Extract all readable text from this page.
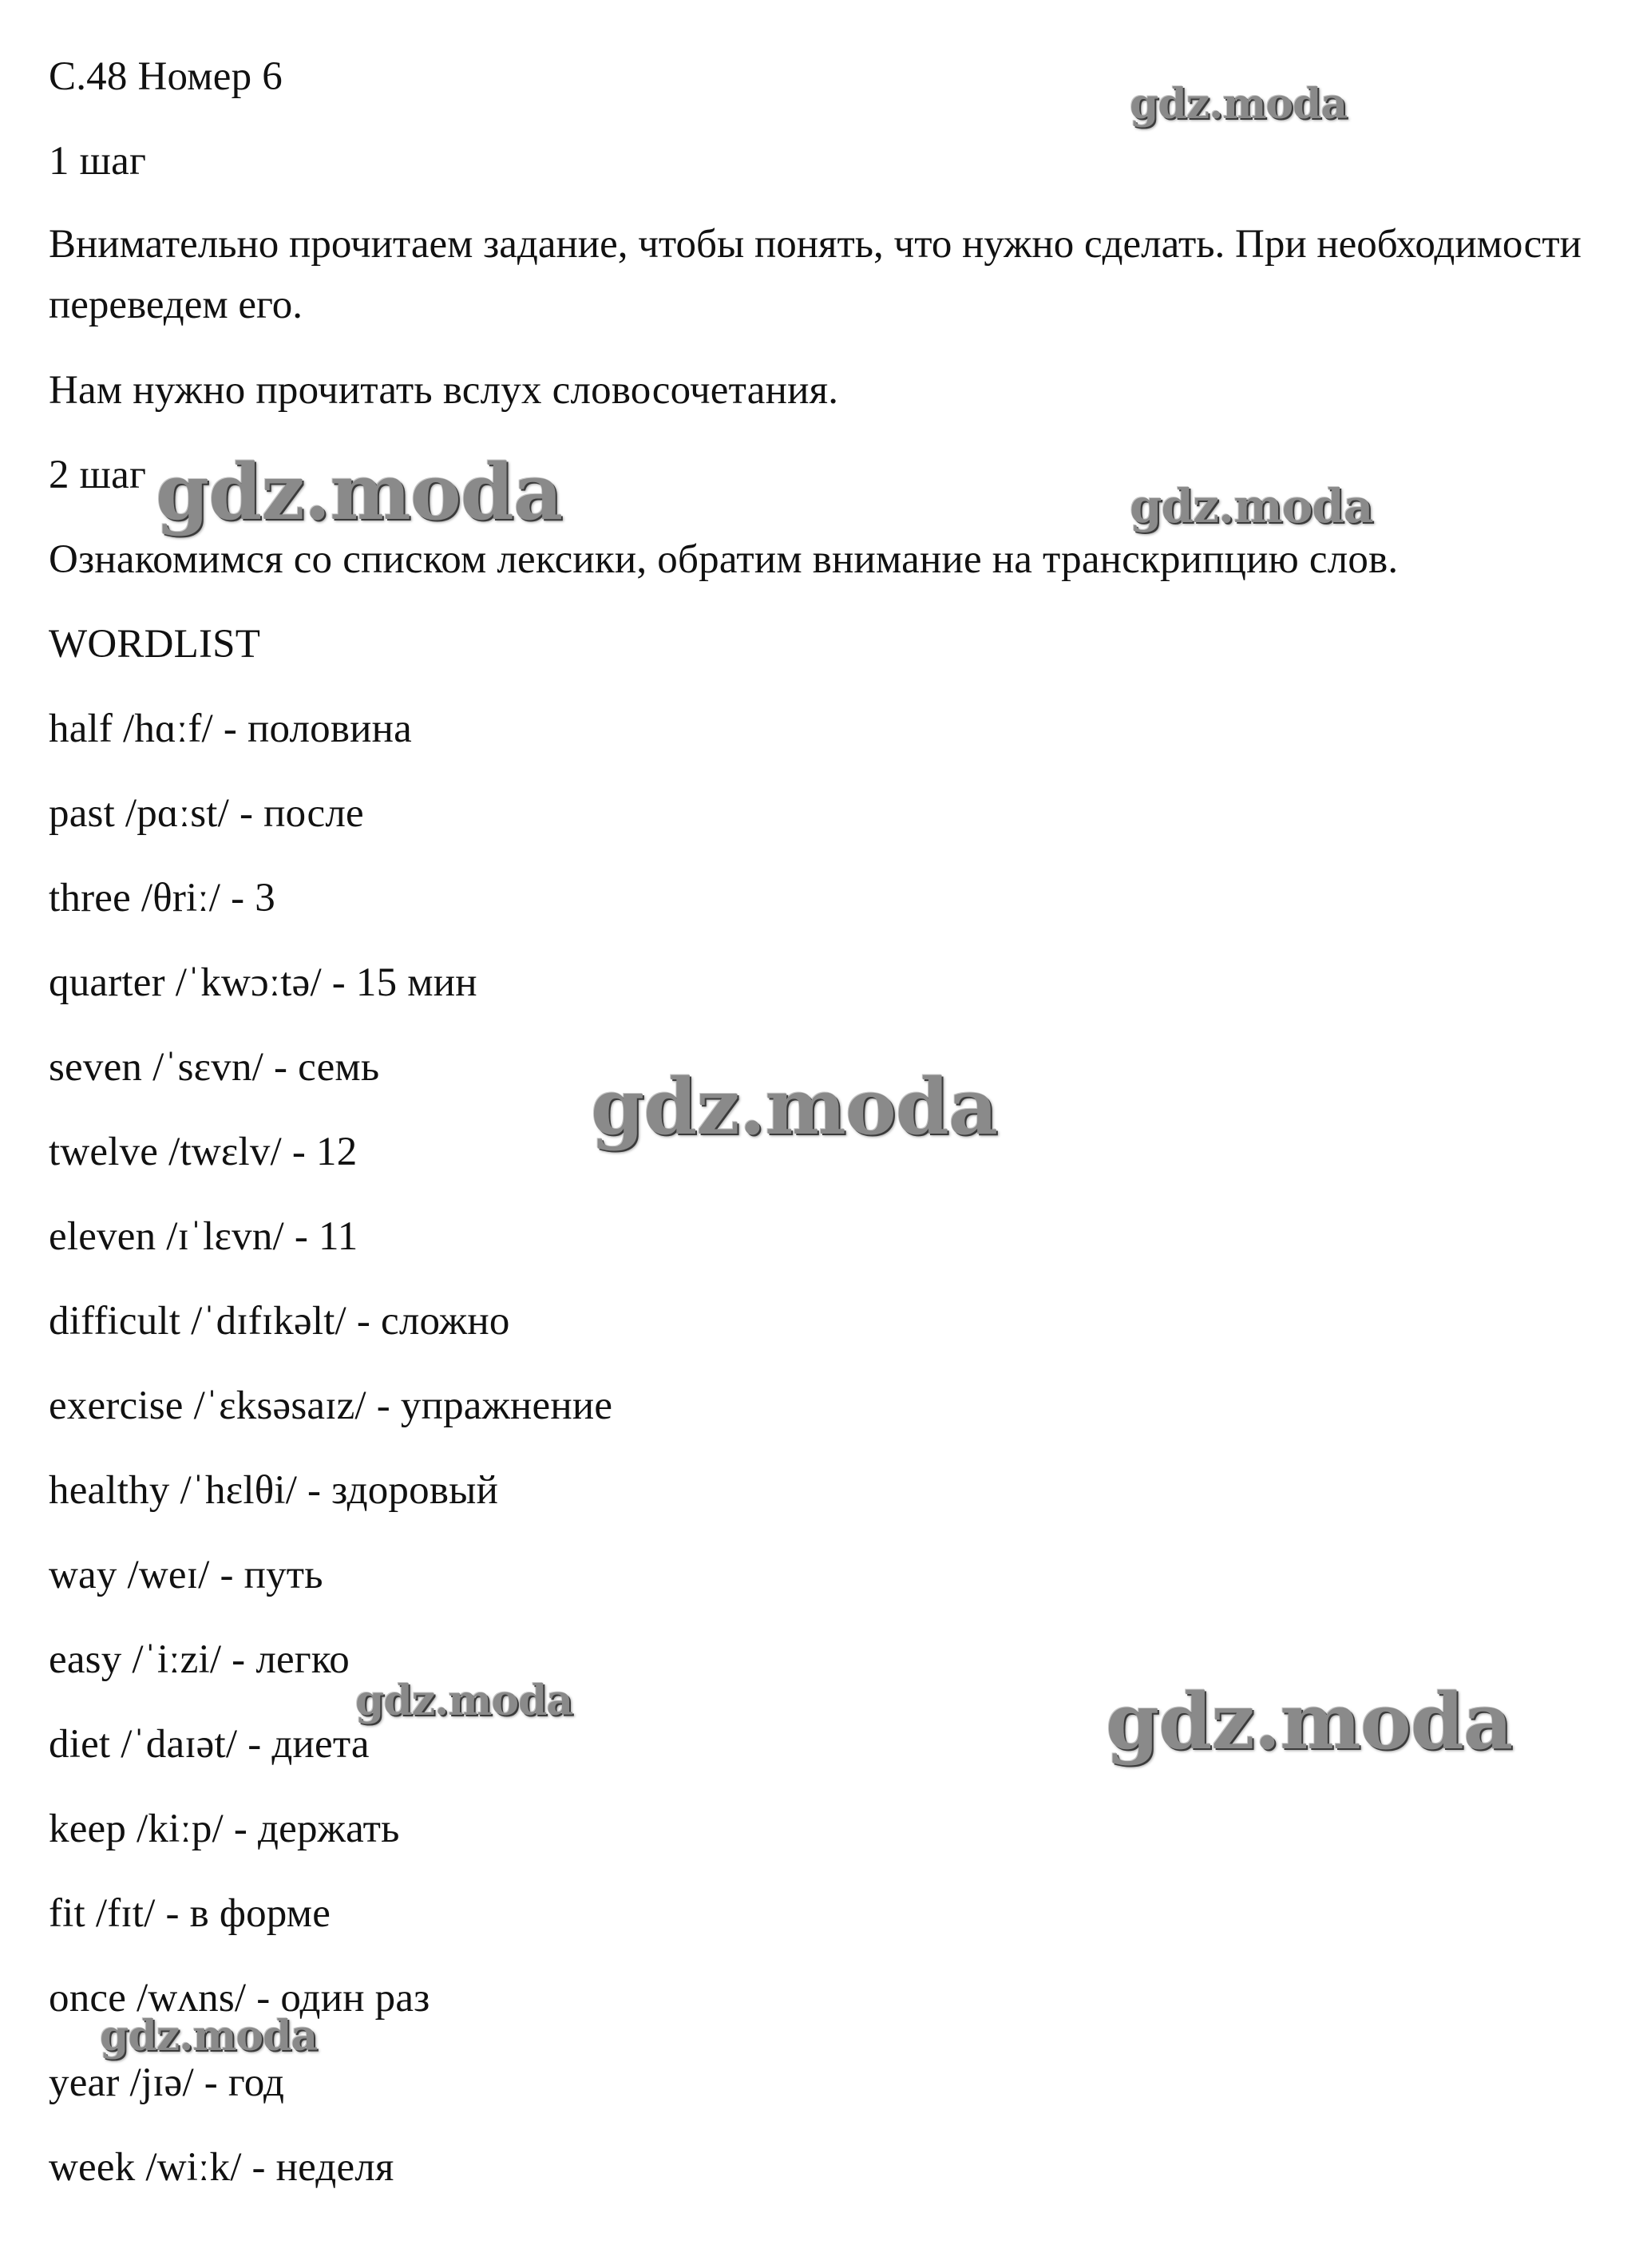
С.48 Номер 6
1 шаг
Внимательно прочитаем задание, чтобы понять, что нужно сделать. При необходимости переведем его.
Нам нужно прочитать вслух словосочетания.
2 шаг
Ознакомимся со списком лексики, обратим внимание на транскрипцию слов.
WORDLIST
half /hɑːf/ - половина
past /pɑːst/ - после
three /θriː/ - 3
quarter /ˈkwɔːtə/ - 15 мин
seven /ˈsɛvn/ - семь
twelve /twɛlv/ - 12
eleven /ɪˈlɛvn/ - 11
difficult /ˈdɪfɪkəlt/ - сложно
exercise /ˈɛksəsaɪz/ - упражнение
healthy /ˈhɛlθi/ - здоровый
way /weɪ/ - путь
easy /ˈiːzi/ - легко
diet /ˈdaɪət/ - диета
keep /kiːp/ - держать
fit /fɪt/ - в форме
once /wʌns/ - один раз
year /jɪə/ - год
week /wiːk/ - неделя
gdz.moda
gdz.moda	gdz.moda
gdz.moda
gdz.moda	gdz.moda
gdz.moda
